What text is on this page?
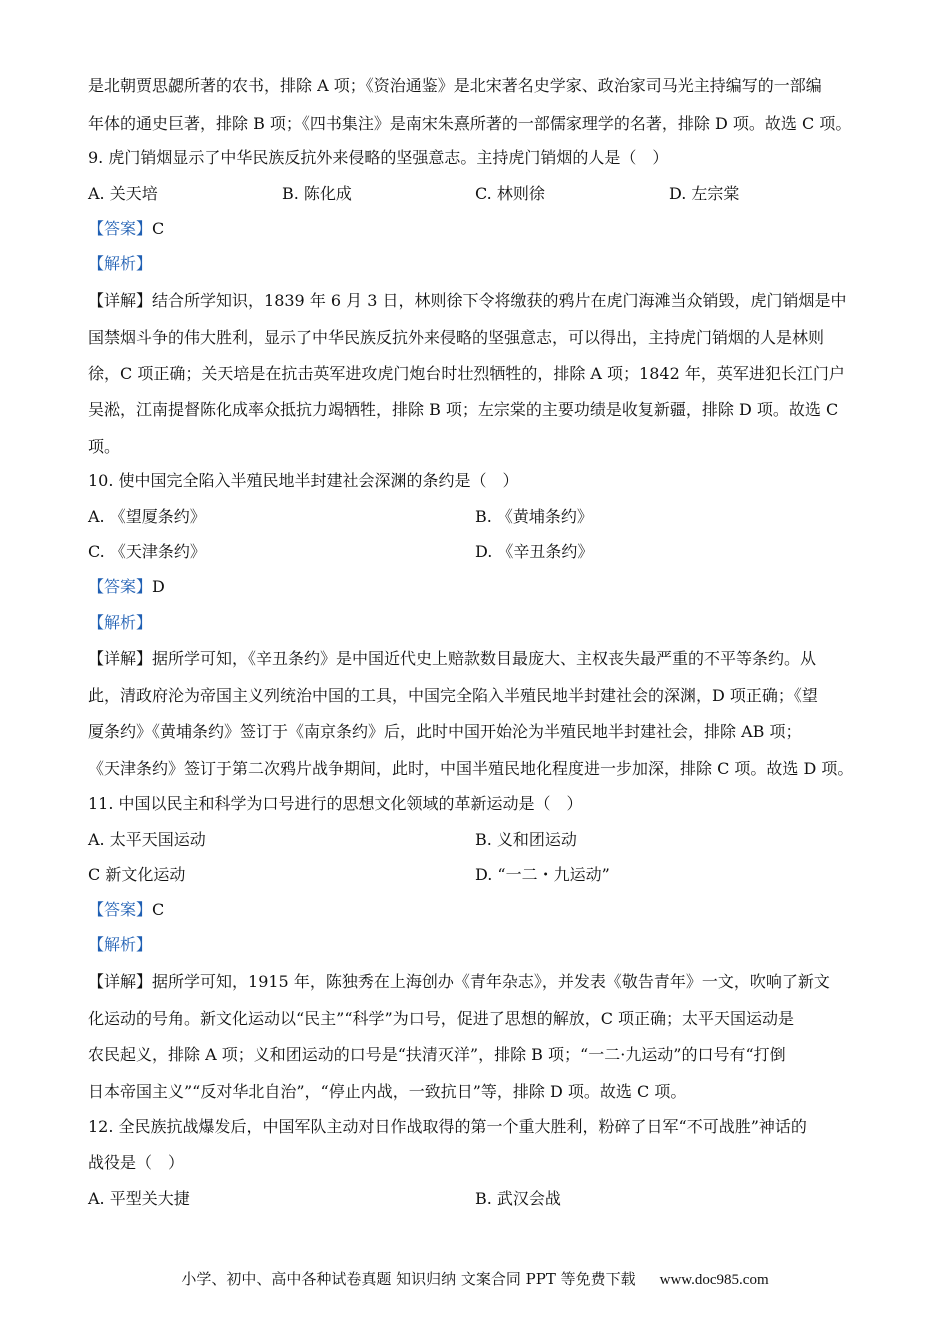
是北朝贾思勰所著的农书，排除 A 项；《资治通鉴》是北宋著名史学家、政治家司马光主持编写的一部编
年体的通史巨著，排除 B 项；《四书集注》是南宋朱熹所著的一部儒家理学的名著，排除 D 项。故选 C 项。
9. 虎门销烟显示了中华民族反抗外来侵略的坚强意志。主持虎门销烟的人是（　）
A. 关天培	B. 陈化成	C. 林则徐	D. 左宗棠
【答案】C
【解析】
【详解】结合所学知识，1839 年 6 月 3 日，林则徐下令将缴获的鸦片在虎门海滩当众销毁，虎门销烟是中
国禁烟斗争的伟大胜利，显示了中华民族反抗外来侵略的坚强意志，可以得出，主持虎门销烟的人是林则
徐，C 项正确；关天培是在抗击英军进攻虎门炮台时壮烈牺牲的，排除 A 项；1842 年，英军进犯长江门户
吴淞，江南提督陈化成率众抵抗力竭牺牲，排除 B 项；左宗棠的主要功绩是收复新疆，排除 D 项。故选 C
项。
10. 使中国完全陷入半殖民地半封建社会深渊的条约是（　）
A. 《望厦条约》	B. 《黄埔条约》
C. 《天津条约》	D. 《辛丑条约》
【答案】D
【解析】
【详解】据所学可知，《辛丑条约》是中国近代史上赔款数目最庞大、主权丧失最严重的不平等条约。从
此，清政府沦为帝国主义列统治中国的工具，中国完全陷入半殖民地半封建社会的深渊，D 项正确；《望
厦条约》《黄埔条约》签订于《南京条约》后，此时中国开始沦为半殖民地半封建社会，排除 AB 项；
《天津条约》签订于第二次鸦片战争期间，此时，中国半殖民地化程度进一步加深，排除 C 项。故选 D 项。
11. 中国以民主和科学为口号进行的思想文化领域的革新运动是（　）
A. 太平天国运动	B. 义和团运动
C 新文化运动	D. “一二・九运动”
【答案】C
【解析】
【详解】据所学可知，1915 年，陈独秀在上海创办《青年杂志》，并发表《敬告青年》一文，吹响了新文
化运动的号角。新文化运动以“民主”“科学”为口号，促进了思想的解放，C 项正确；太平天国运动是
农民起义，排除 A 项；义和团运动的口号是“扶清灭洋”，排除 B 项；“一二·九运动”的口号有“打倒
日本帝国主义”“反对华北自治”，“停止内战，一致抗日”等，排除 D 项。故选 C 项。
12. 全民族抗战爆发后，中国军队主动对日作战取得的第一个重大胜利，粉碎了日军“不可战胜”神话的
战役是（　）
A. 平型关大捷	B. 武汉会战
小学、初中、高中各种试卷真题 知识归纳 文案合同 PPT 等免费下载 www.doc985.com
